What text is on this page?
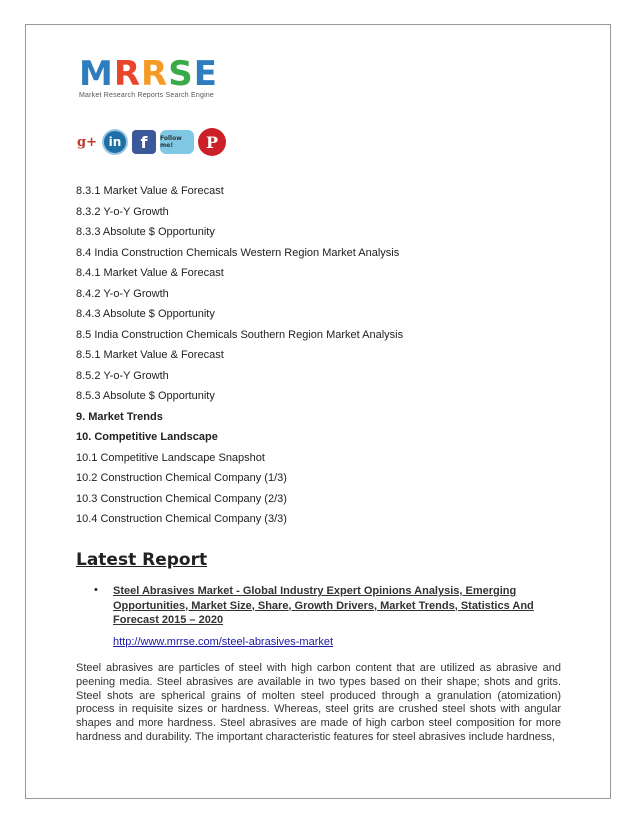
MRRSE
Market Research Reports Search Engine
g+ in	f	Follow me!	P
8.3.1 Market Value & Forecast
8.3.2 Y-o-Y Growth
8.3.3 Absolute $ Opportunity
8.4 India Construction Chemicals Western Region Market Analysis
8.4.1 Market Value & Forecast
8.4.2 Y-o-Y Growth
8.4.3 Absolute $ Opportunity
8.5 India Construction Chemicals Southern Region Market Analysis
8.5.1 Market Value & Forecast
8.5.2 Y-o-Y Growth
8.5.3 Absolute $ Opportunity
9. Market Trends
10. Competitive Landscape
10.1 Competitive Landscape Snapshot
10.2 Construction Chemical Company (1/3)
10.3 Construction Chemical Company (2/3)
10.4 Construction Chemical Company (3/3)
Latest Report
• Steel Abrasives Market - Global Industry Expert Opinions Analysis, Emerging Opportunities, Market Size, Share, Growth Drivers, Market Trends, Statistics And Forecast 2015 – 2020
http://www.mrrse.com/steel-abrasives-market

Steel abrasives are particles of steel with high carbon content that are utilized as abrasive and peening media. Steel abrasives are available in two types based on their shape; shots and grits. Steel shots are spherical grains of molten steel produced through a granulation (atomization) process in requisite sizes or hardness. Whereas, steel grits are crushed steel shots with angular shapes and more hardness. Steel abrasives are made of high carbon steel composition for more hardness and durability. The important characteristic features for steel abrasives include hardness,
